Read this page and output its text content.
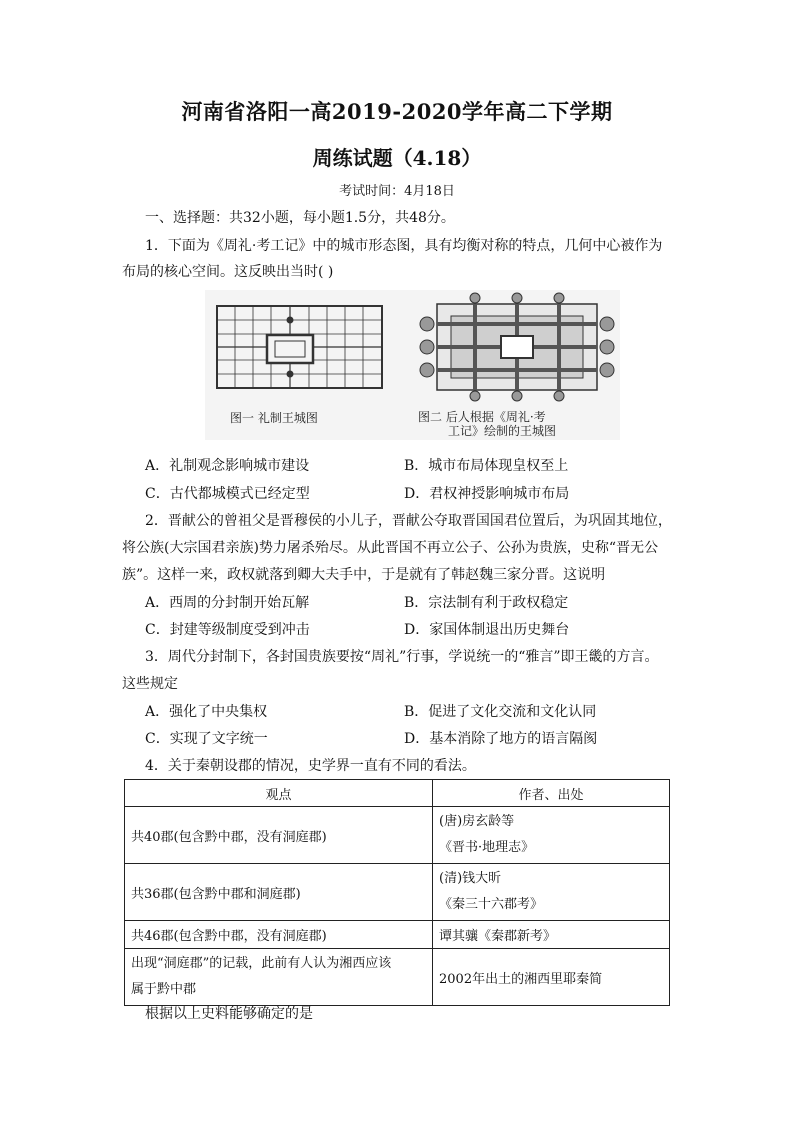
河南省洛阳一高2019-2020学年高二下学期
周练试题（4.18）
考试时间：4月18日
一、选择题：共32小题，每小题1.5分，共48分。
1．下面为《周礼·考工记》中的城市形态图，具有均衡对称的特点，几何中心被作为
布局的核心空间。这反映出当时( )
图一 礼制王城图	图二 后人根据《周礼·考
工记》绘制的王城图
A．礼制观念影响城市建设	B．城市布局体现皇权至上
C．古代都城模式已经定型	D．君权神授影响城市布局
2．晋献公的曾祖父是晋穆侯的小儿子，晋献公夺取晋国国君位置后，为巩固其地位，
将公族(大宗国君亲族)势力屠杀殆尽。从此晋国不再立公子、公孙为贵族，史称“晋无公
族”。这样一来，政权就落到卿大夫手中，于是就有了韩赵魏三家分晋。这说明
A．西周的分封制开始瓦解	B．宗法制有利于政权稳定
C．封建等级制度受到冲击	D．家国体制退出历史舞台
3．周代分封制下，各封国贵族要按“周礼”行事，学说统一的“雅言”即王畿的方言。
这些规定
A．强化了中央集权	B．促进了文化交流和文化认同
C．实现了文字统一	D．基本消除了地方的语言隔阂
4．关于秦朝设郡的情况，史学界一直有不同的看法。
观点	作者、出处
共40郡(包含黔中郡，没有洞庭郡)	(唐)房玄龄等
《晋书·地理志》

共36郡(包含黔中郡和洞庭郡)	(清)钱大昕
《秦三十六郡考》

共46郡(包含黔中郡，没有洞庭郡)	谭其骧《秦郡新考》

出现“洞庭郡”的记载，此前有人认为湘西应该
属于黔中郡	2002年出土的湘西里耶秦简
根据以上史料能够确定的是
